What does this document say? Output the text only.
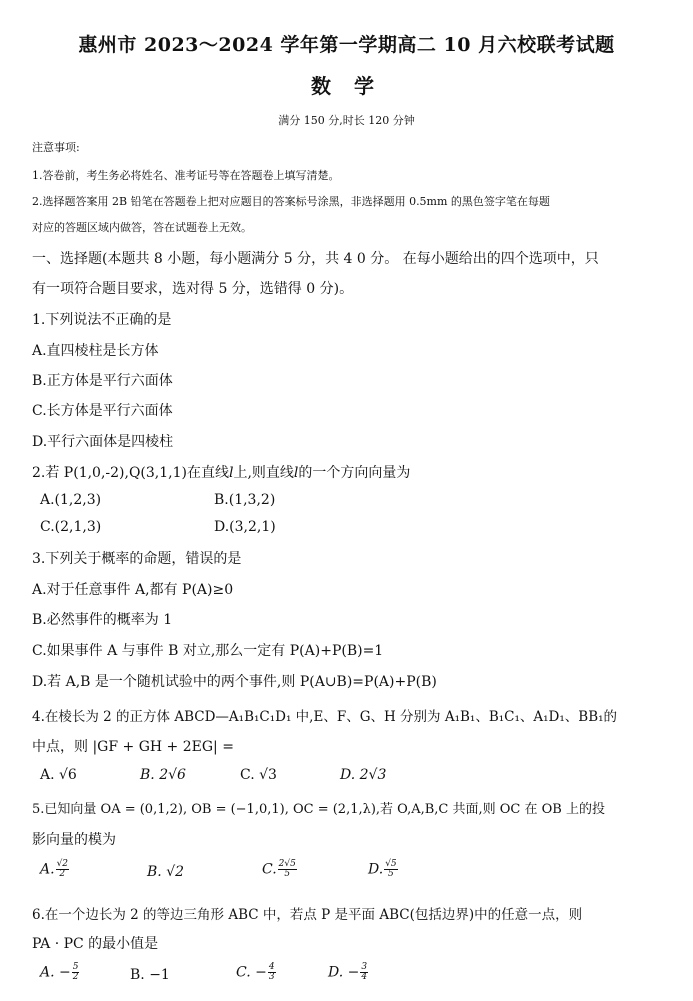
惠州市 2023～2024 学年第一学期高二 10 月六校联考试题
数 学
满分 150 分,时长 120 分钟
注意事项:
1.答卷前，考生务必将姓名、准考证号等在答题卷上填写清楚。
2.选择题答案用 2B 铅笔在答题卷上把对应题目的答案标号涂黑，非选择题用 0.5mm 的黑色签字笔在每题
对应的答题区域内做答，答在试题卷上无效。
一、选择题(本题共 8 小题，每小题满分 5 分，共 4 0 分。 在每小题给出的四个选项中，只
有一项符合题目要求，选对得 5 分，选错得 0 分)。
1.下列说法不正确的是
A.直四棱柱是长方体
B.正方体是平行六面体
C.长方体是平行六面体
D.平行六面体是四棱柱
2.若 P(1,0,-2),Q(3,1,1)在直线l上,则直线l的一个方向向量为
A.(1,2,3)	B.(1,3,2)
C.(2,1,3)	D.(3,2,1)
3.下列关于概率的命题，错误的是
A.对于任意事件 A,都有 P(A)≥0
B.必然事件的概率为 1
C.如果事件 A 与事件 B 对立,那么一定有 P(A)+P(B)=1
D.若 A,B 是一个随机试验中的两个事件,则 P(A∪B)=P(A)+P(B)
4.在棱长为 2 的正方体 ABCD—A₁B₁C₁D₁ 中,E、F、G、H 分别为 A₁B₁、B₁C₁、A₁D₁、BB₁的
中点，则 |GF + GH + 2EG| =
A. √6	B. 2√6	C. √3	D. 2√3
5.已知向量 OA = (0,1,2), OB = (−1,0,1), OC = (2,1,λ),若 O,A,B,C 共面,则 OC 在 OB 上的投
影向量的模为
A. $\frac{√2}{2}$	B. √2	C. $\frac{2√5}{5}$	D. $\frac{√5}{5}$
6.在一个边长为 2 的等边三角形 ABC 中，若点 P 是平面 ABC(包括边界)中的任意一点，则
PA · PC 的最小值是
A. − $\frac{5}{2}$	B. −1	C. − $\frac{4}{3}$	D. − $\frac{3}{4}$
